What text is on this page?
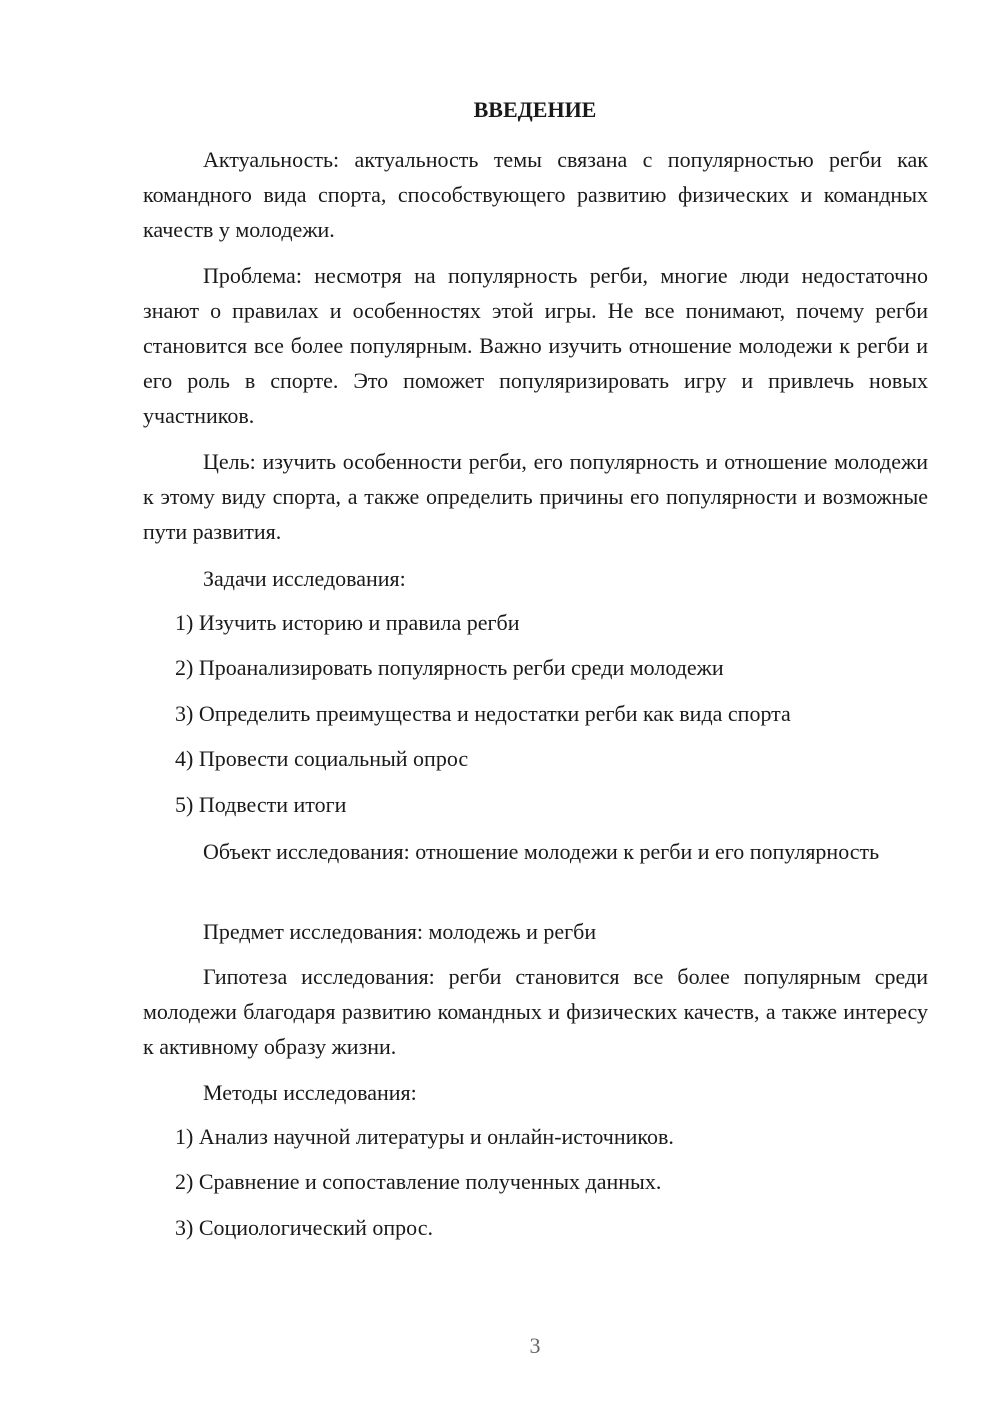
ВВЕДЕНИЕ

Актуальность: актуальность темы связана с популярностью регби как командного вида спорта, способствующего развитию физических и командных качеств у молодежи.

Проблема: несмотря на популярность регби, многие люди недостаточно знают о правилах и особенностях этой игры. Не все понимают, почему регби становится все более популярным. Важно изучить отношение молодежи к регби и его роль в спорте. Это поможет популяризировать игру и привлечь новых участников.

Цель: изучить особенности регби, его популярность и отношение молодежи к этому виду спорта, а также определить причины его популярности и возможные пути развития.

Задачи исследования:

1) Изучить историю и правила регби

2) Проанализировать популярность регби среди молодежи

3) Определить преимущества и недостатки регби как вида спорта

4) Провести социальный опрос

5) Подвести итоги

Объект исследования: отношение молодежи к регби и его популярность

Предмет исследования: молодежь и регби

Гипотеза исследования: регби становится все более популярным среди молодежи благодаря развитию командных и физических качеств, а также интересу к активному образу жизни.

Методы исследования:

1) Анализ научной литературы и онлайн-источников.

2) Сравнение и сопоставление полученных данных.

3) Социологический опрос.

3
